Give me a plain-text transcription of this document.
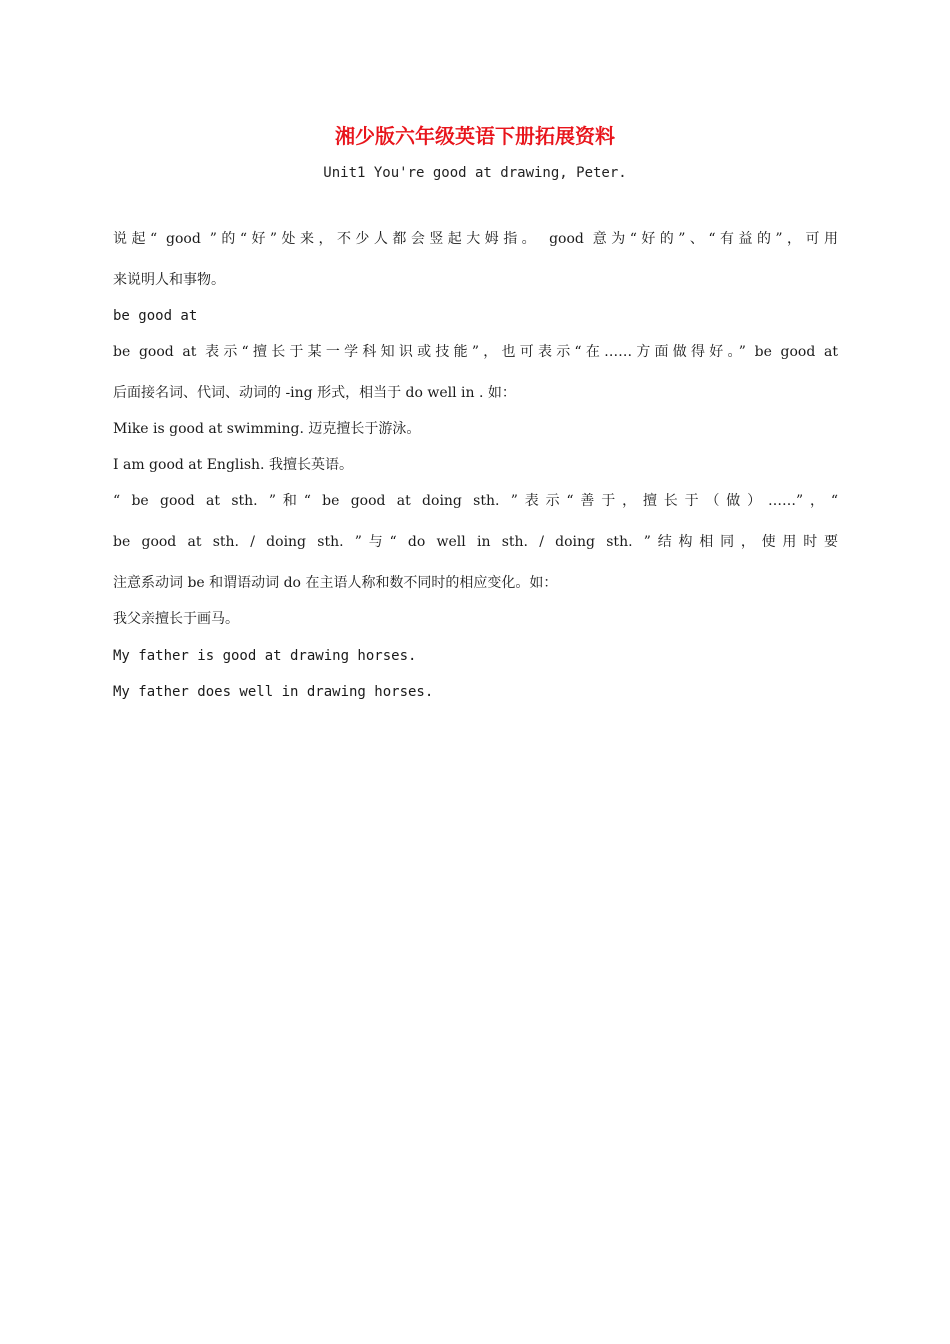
湘少版六年级英语下册拓展资料
Unit1 You're good at drawing, Peter.
说起“ good ”的“好”处来，不少人都会竖起大姆指。 good 意为“好的”、“有益的”，可用
来说明人和事物。
be good at
be good at 表示“擅长于某一学科知识或技能”，也可表示“在……方面做得好。” be good at
后面接名词、代词、动词的 -ing 形式，相当于 do well in . 如：
Mike is good at swimming. 迈克擅长于游泳。
I am good at English. 我擅长英语。
“ be good at sth. ”和“ be good at doing sth. ”表示“善于，擅长于（做）……”，“
be good at sth. / doing sth. ”与“ do well in sth. / doing sth. ”结构相同，使用时要
注意系动词 be 和谓语动词 do 在主语人称和数不同时的相应变化。如：
我父亲擅长于画马。
My father is good at drawing horses.
My father does well in drawing horses.
